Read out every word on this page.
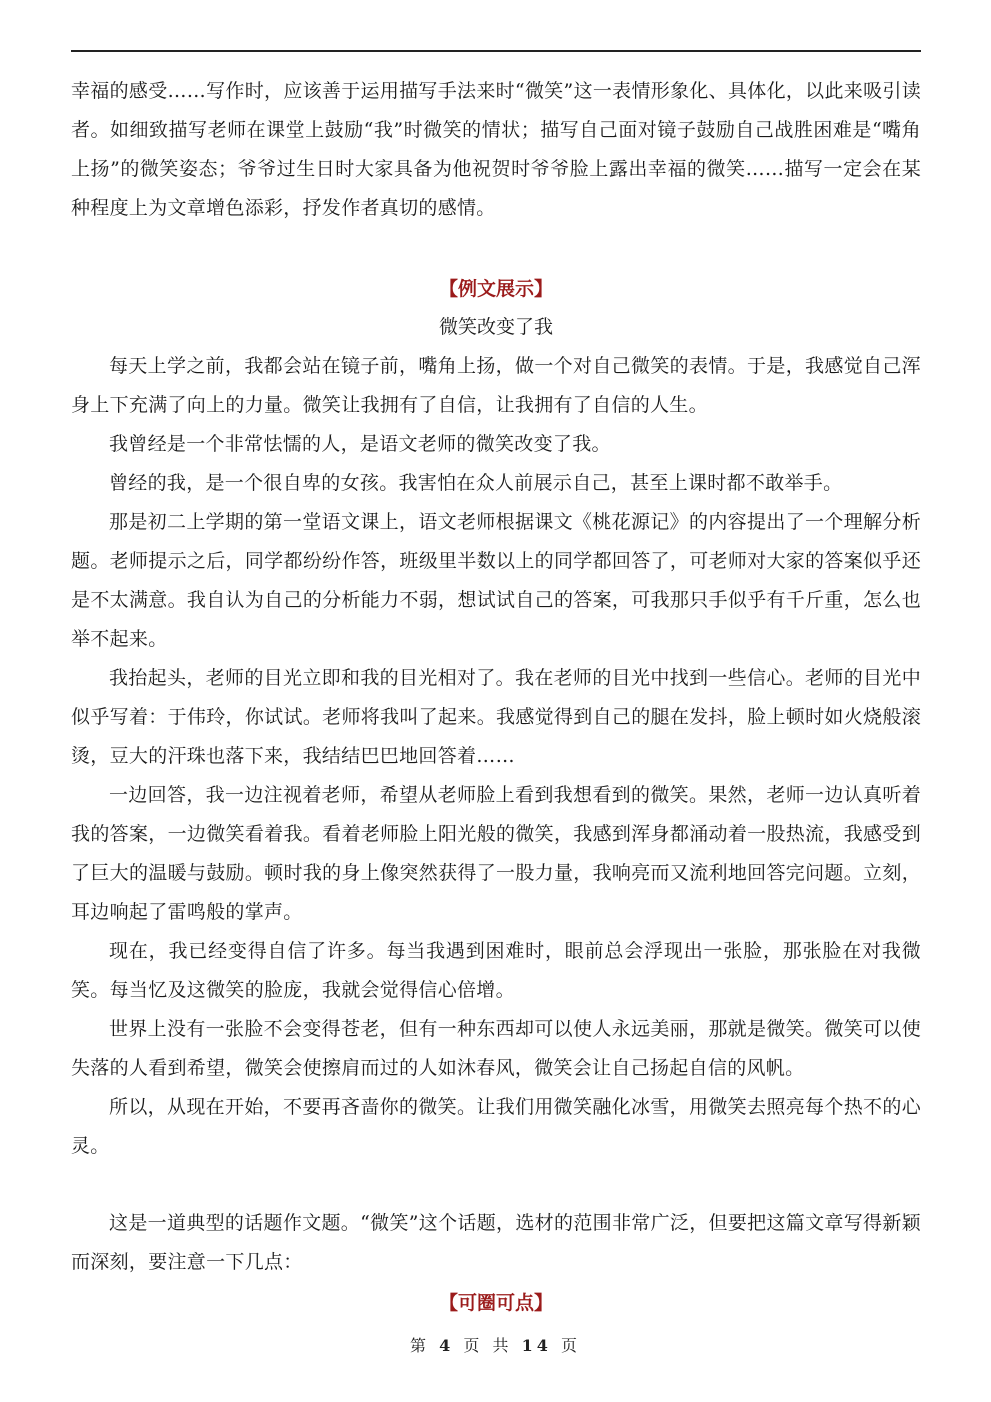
幸福的感受……写作时，应该善于运用描写手法来时“微笑”这一表情形象化、具体化，以此来吸引读者。如细致描写老师在课堂上鼓励“我”时微笑的情状；描写自己面对镜子鼓励自己战胜困难是“嘴角上扬”的微笑姿态；爷爷过生日时大家具备为他祝贺时爷爷脸上露出幸福的微笑……描写一定会在某种程度上为文章增色添彩，抒发作者真切的感情。

【例文展示】

微笑改变了我

每天上学之前，我都会站在镜子前，嘴角上扬，做一个对自己微笑的表情。于是，我感觉自己浑身上下充满了向上的力量。微笑让我拥有了自信，让我拥有了自信的人生。

我曾经是一个非常怯懦的人，是语文老师的微笑改变了我。

曾经的我，是一个很自卑的女孩。我害怕在众人前展示自己，甚至上课时都不敢举手。

那是初二上学期的第一堂语文课上，语文老师根据课文《桃花源记》的内容提出了一个理解分析题。老师提示之后，同学都纷纷作答，班级里半数以上的同学都回答了，可老师对大家的答案似乎还是不太满意。我自认为自己的分析能力不弱，想试试自己的答案，可我那只手似乎有千斤重，怎么也举不起来。

我抬起头，老师的目光立即和我的目光相对了。我在老师的目光中找到一些信心。老师的目光中似乎写着：于伟玲，你试试。老师将我叫了起来。我感觉得到自己的腿在发抖，脸上顿时如火烧般滚烫，豆大的汗珠也落下来，我结结巴巴地回答着……

一边回答，我一边注视着老师，希望从老师脸上看到我想看到的微笑。果然，老师一边认真听着我的答案，一边微笑看着我。看着老师脸上阳光般的微笑，我感到浑身都涌动着一股热流，我感受到了巨大的温暖与鼓励。顿时我的身上像突然获得了一股力量，我响亮而又流利地回答完问题。立刻，耳边响起了雷鸣般的掌声。

现在，我已经变得自信了许多。每当我遇到困难时，眼前总会浮现出一张脸，那张脸在对我微笑。每当忆及这微笑的脸庞，我就会觉得信心倍增。

世界上没有一张脸不会变得苍老，但有一种东西却可以使人永远美丽，那就是微笑。微笑可以使失落的人看到希望，微笑会使擦肩而过的人如沐春风，微笑会让自己扬起自信的风帆。

所以，从现在开始，不要再吝啬你的微笑。让我们用微笑融化冰雪，用微笑去照亮每个热不的心灵。

这是一道典型的话题作文题。“微笑”这个话题，选材的范围非常广泛，但要把这篇文章写得新颖而深刻，要注意一下几点：

【可圈可点】

第 4 页 共 14 页
